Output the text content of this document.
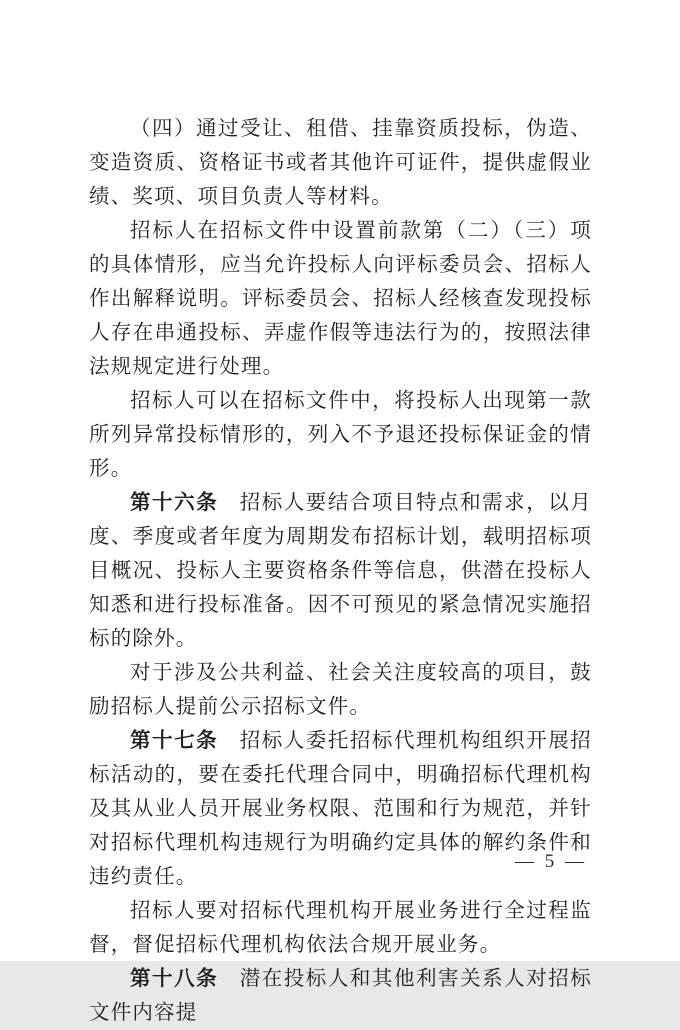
（四）通过受让、租借、挂靠资质投标，伪造、变造资质、资格证书或者其他许可证件，提供虚假业绩、奖项、项目负责人等材料。

招标人在招标文件中设置前款第（二）（三）项的具体情形，应当允许投标人向评标委员会、招标人作出解释说明。评标委员会、招标人经核查发现投标人存在串通投标、弄虚作假等违法行为的，按照法律法规规定进行处理。

招标人可以在招标文件中，将投标人出现第一款所列异常投标情形的，列入不予退还投标保证金的情形。

第十六条 招标人要结合项目特点和需求，以月度、季度或者年度为周期发布招标计划，载明招标项目概况、投标人主要资格条件等信息，供潜在投标人知悉和进行投标准备。因不可预见的紧急情况实施招标的除外。

对于涉及公共利益、社会关注度较高的项目，鼓励招标人提前公示招标文件。

第十七条 招标人委托招标代理机构组织开展招标活动的，要在委托代理合同中，明确招标代理机构及其从业人员开展业务权限、范围和行为规范，并针对招标代理机构违规行为明确约定具体的解约条件和违约责任。

招标人要对招标代理机构开展业务进行全过程监督，督促招标代理机构依法合规开展业务。

第十八条 潜在投标人和其他利害关系人对招标文件内容提

— 5 —
